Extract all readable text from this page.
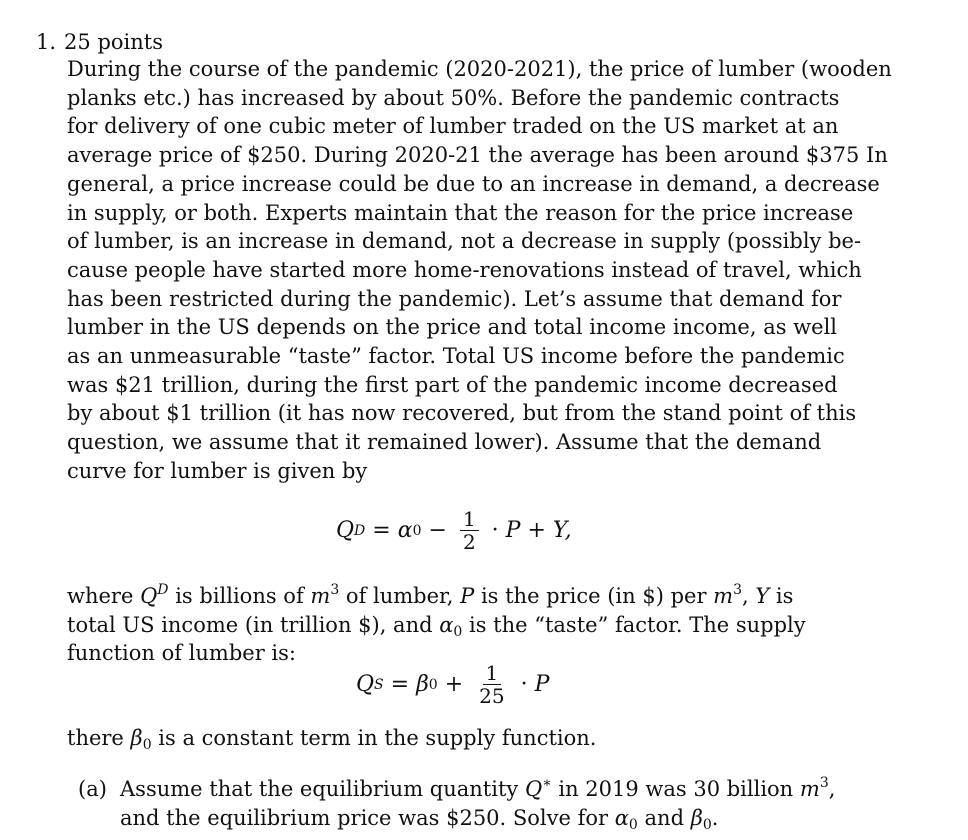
1. 25 points
During the course of the pandemic (2020-2021), the price of lumber (wooden
planks etc.) has increased by about 50%. Before the pandemic contracts
for delivery of one cubic meter of lumber traded on the US market at an
average price of $250. During 2020-21 the average has been around $375 In
general, a price increase could be due to an increase in demand, a decrease
in supply, or both. Experts maintain that the reason for the price increase
of lumber, is an increase in demand, not a decrease in supply (possibly be-
cause people have started more home-renovations instead of travel, which
has been restricted during the pandemic). Let’s assume that demand for
lumber in the US depends on the price and total income income, as well
as an unmeasurable “taste” factor. Total US income before the pandemic
was $21 trillion, during the first part of the pandemic income decreased
by about $1 trillion (it has now recovered, but from the stand point of this
question, we assume that it remained lower). Assume that the demand
curve for lumber is given by
Q D = α $0 - \frac{1}{2} \cdot P + Y$,
where $Q^D$ is billions of $m^3$ of lumber, P is the price (in $) per $m^3$, Y is
total US income (in trillion $), and $\alpha_0$ is the “taste” factor. The supply
function of lumber is:
Q S = β $0 + \frac{1}{25} \cdot P$
there $\beta_0$ is a constant term in the supply function.
(a) Assume that the equilibrium quantity Q∗ in 2019 was 30 billion $m^3$,
and the equilibrium price was $250. Solve for $\alpha_0$ and $\beta_0$.
